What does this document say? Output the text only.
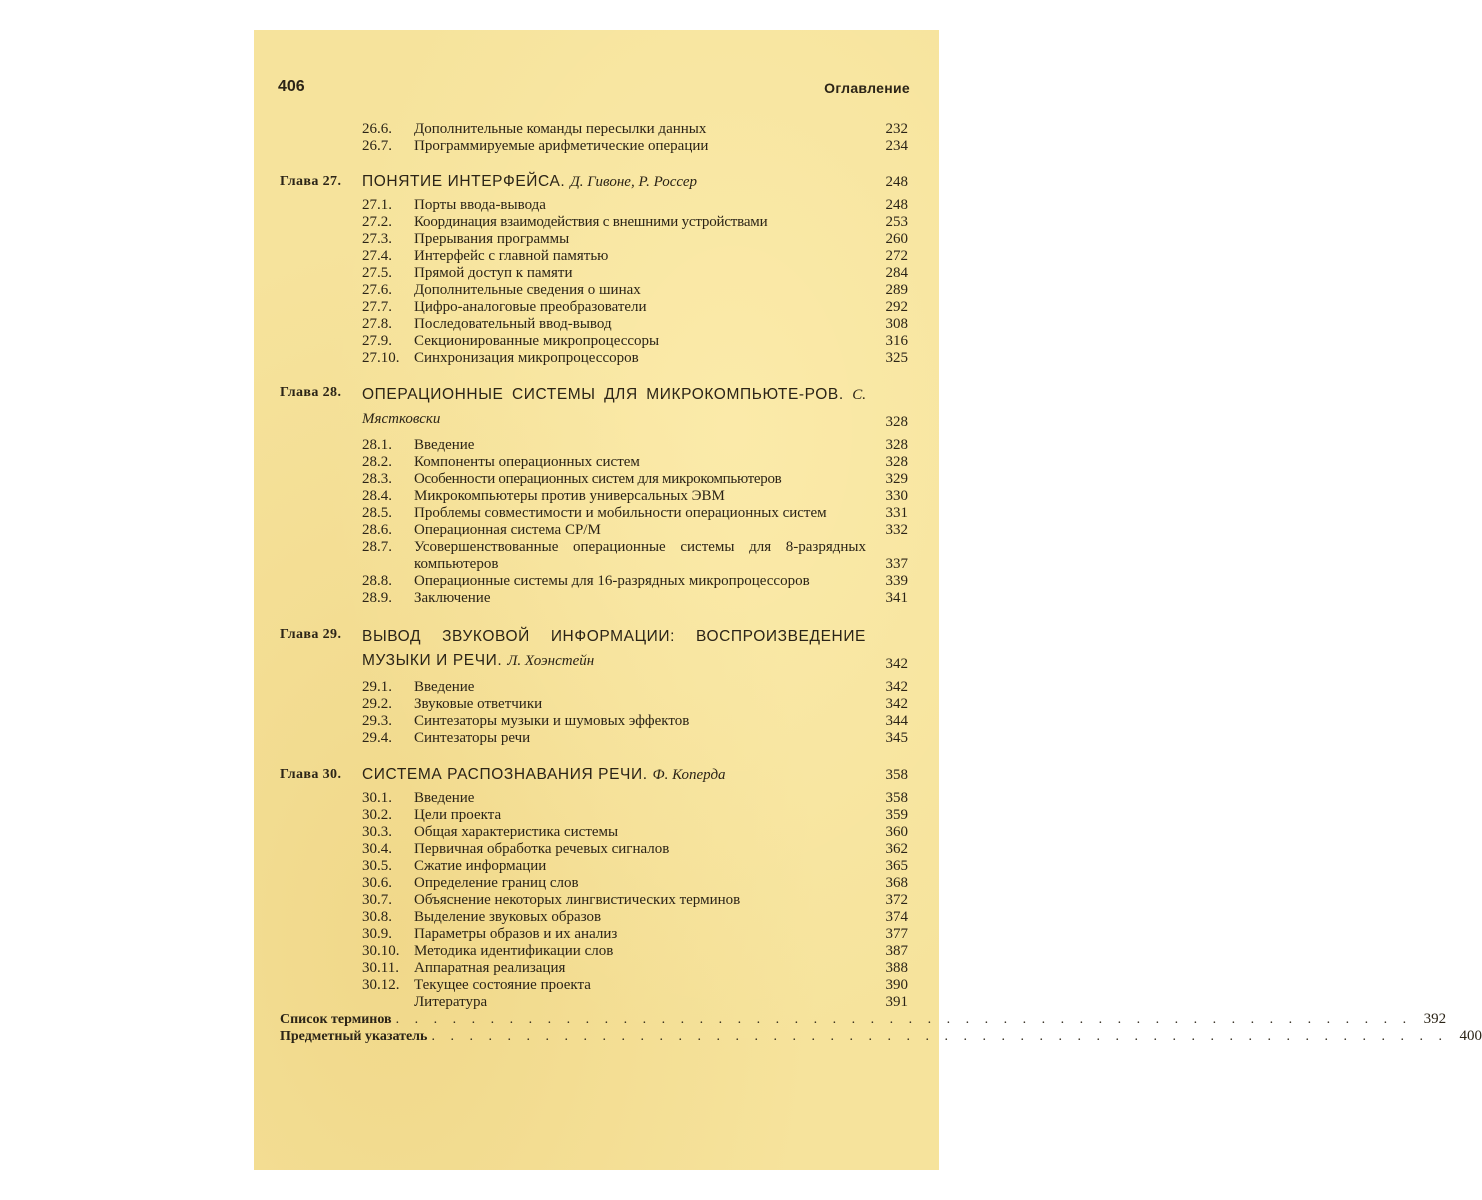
406	Оглавление
26.6.	Дополнительные команды пересылки данных	232
26.7.	Программируемые арифметические операции	234
Глава 27.	ПОНЯТИЕ ИНТЕРФЕЙСА. Д. Гивоне, Р. Россер	248
27.1.	Порты ввода-вывода	248
27.2.	Координация взаимодействия с внешними устройствами	253
27.3.	Прерывания программы	260
27.4.	Интерфейс с главной памятью	272
27.5.	Прямой доступ к памяти	284
27.6.	Дополнительные сведения о шинах	289
27.7.	Цифро-аналоговые преобразователи	292
27.8.	Последовательный ввод-вывод	308
27.9.	Секционированные микропроцессоры	316
27.10. Синхронизация микропроцессоров	325
Глава 28.	ОПЕРАЦИОННЫЕ СИСТЕМЫ ДЛЯ МИКРОКОМПЬЮТЕ-РОВ. С. Мястковски	328
28.1.	Введение	328
28.2.	Компоненты операционных систем	328
28.3.	Особенности операционных систем для микрокомпьютеров	329
28.4.	Микрокомпьютеры против универсальных ЭВМ	330
28.5.	Проблемы совместимости и мобильности операционных систем	331
28.6.	Операционная система СР/М	332
28.7.	Усовершенствованные операционные системы для 8-разрядных компьютеров	337
28.8.	Операционные системы для 16-разрядных микропроцессоров	339
28.9.	Заключение	341
Глава 29.	ВЫВОД ЗВУКОВОЙ ИНФОРМАЦИИ: ВОСПРОИЗВЕДЕНИЕ МУЗЫКИ И РЕЧИ. Л. Хоэнстейн	342
29.1.	Введение	342
29.2.	Звуковые ответчики	342
29.3.	Синтезаторы музыки и шумовых эффектов	344
29.4.	Синтезаторы речи	345
Глава 30.	СИСТЕМА РАСПОЗНАВАНИЯ РЕЧИ. Ф. Коперда	358
30.1.	Введение	358
30.2.	Цели проекта	359
30.3.	Общая характеристика системы	360
30.4.	Первичная обработка речевых сигналов	362
30.5.	Сжатие информации	365
30.6.	Определение границ слов	368
30.7.	Объяснение некоторых лингвистических терминов	372
30.8.	Выделение звуковых образов	374
30.9.	Параметры образов и их анализ	377
30.10. Методика идентификации слов	387
30.11.	Аппаратная реализация	388
30.12. Текущее состояние проекта	390
Литература	391
Список терминов . . . . . . . . . . . . . . . . . . . . . . . . . . . . . . . . . . . . . . . . . . . . . . . . . . . . . . 392
Предметный указатель . . . . . . . . . . . . . . . . . . . . . . . . . . . . . . . . . . . . . . . . . . . . . . . . . . . . . . 400
